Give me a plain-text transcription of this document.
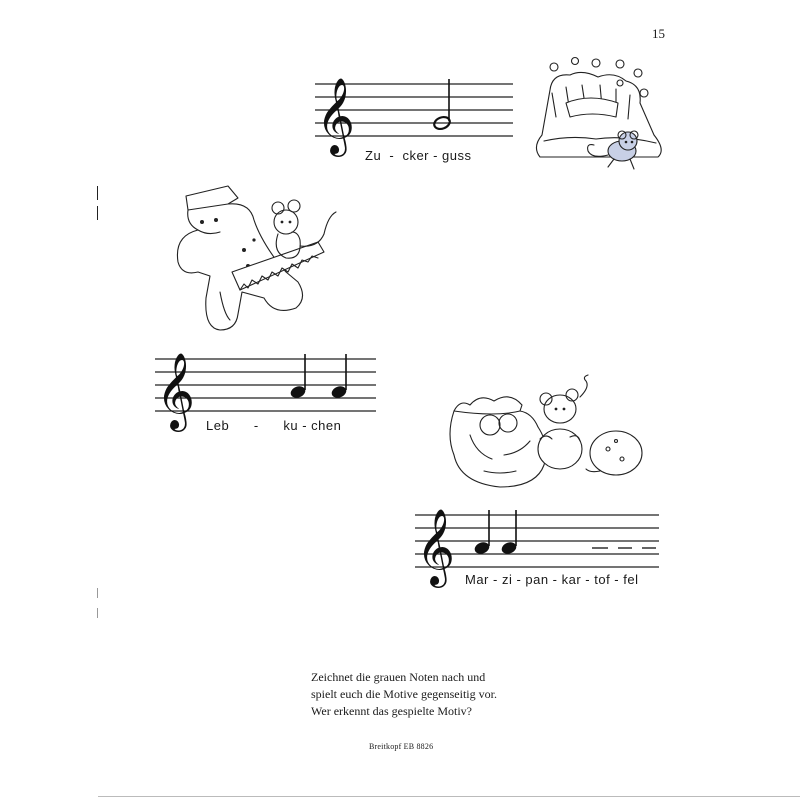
15
𝄞
Zu  -  cker - guss
𝄞 Leb      -      ku - chen
𝄞 Mar - zi - pan - kar - tof - fel
Zeichnet die grauen Noten nach und
spielt euch die Motive gegenseitig vor.
Wer erkennt das gespielte Motiv?
Breitkopf EB 8826
